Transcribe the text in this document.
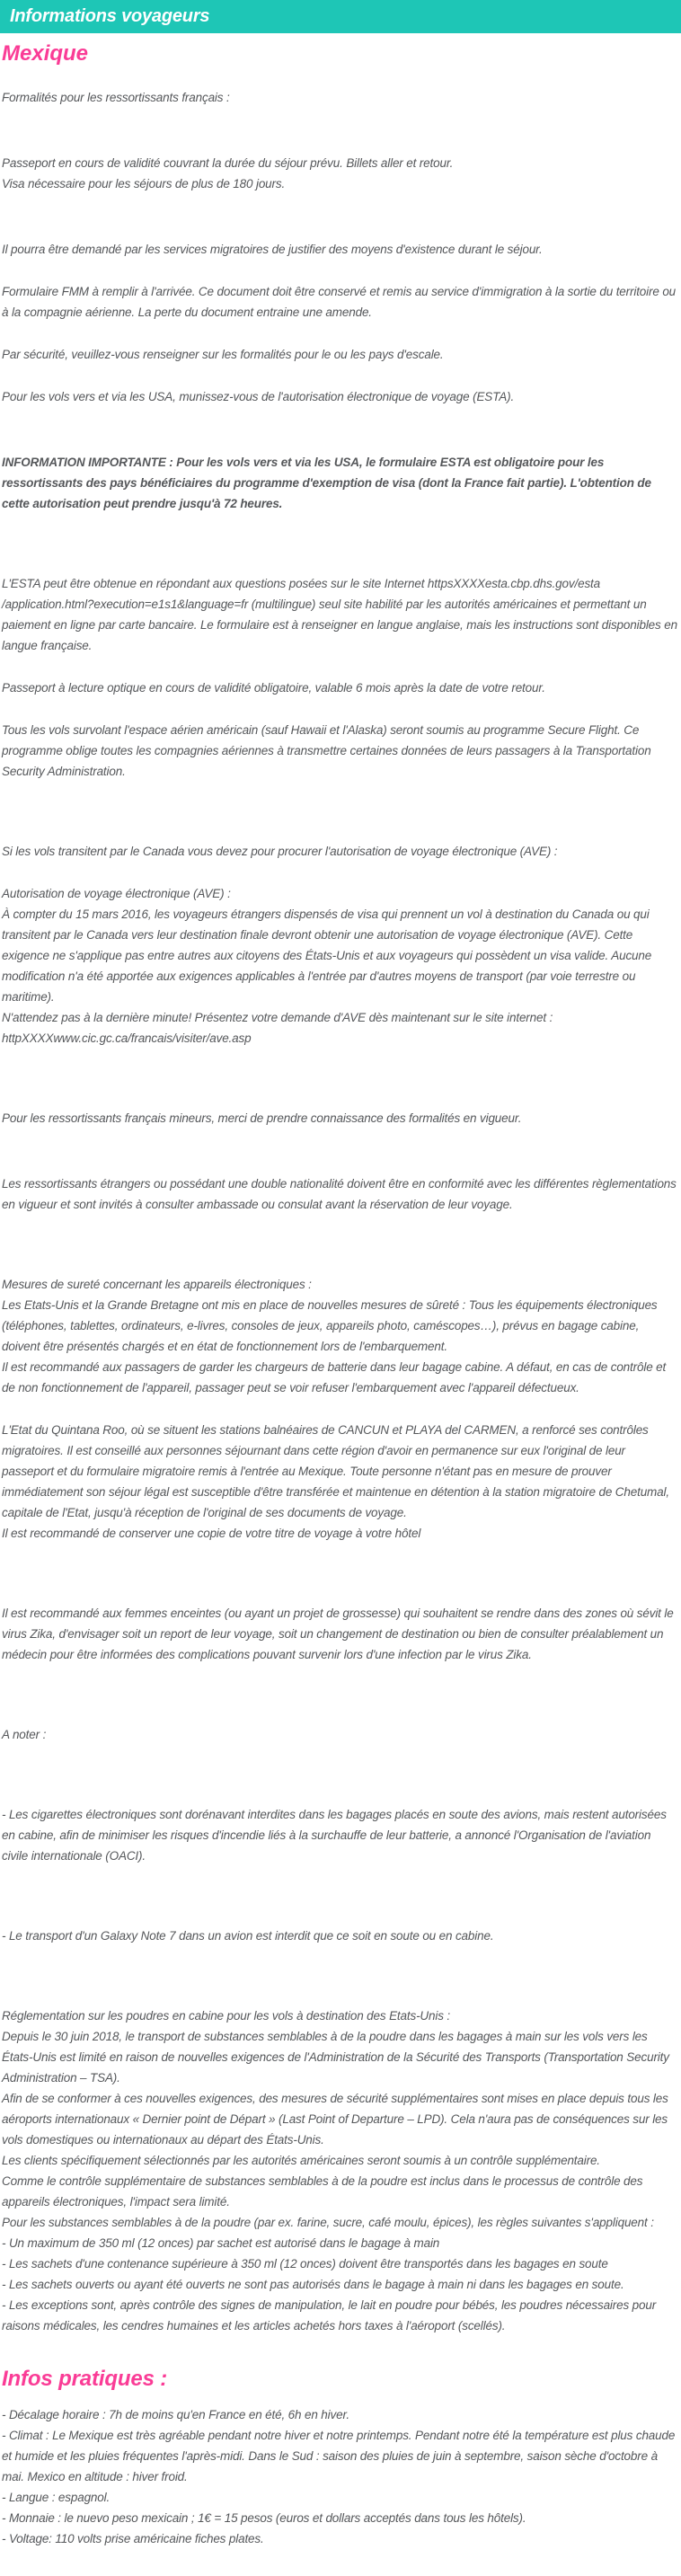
Informations voyageurs
Mexique

Formalités pour les ressortissants français :

Passeport en cours de validité couvrant la durée du séjour prévu. Billets aller et retour.
Visa nécessaire pour les séjours de plus de 180 jours.

Il pourra être demandé par les services migratoires de justifier des moyens d'existence durant le séjour.

Formulaire FMM à remplir à l'arrivée. Ce document doit être conservé et remis au service d'immigration à la sortie du territoire ou à la compagnie aérienne. La perte du document entraine une amende.

Par sécurité, veuillez-vous renseigner sur les formalités pour le ou les pays d'escale.

Pour les vols vers et via les USA, munissez-vous de l'autorisation électronique de voyage (ESTA).

INFORMATION IMPORTANTE : Pour les vols vers et via les USA, le formulaire ESTA est obligatoire pour les ressortissants des pays bénéficiaires du programme d'exemption de visa (dont la France fait partie). L'obtention de cette autorisation peut prendre jusqu'à 72 heures.

L'ESTA peut être obtenue en répondant aux questions posées sur le site Internet httpsXXXXesta.cbp.dhs.gov/esta /application.html?execution=e1s1&language=fr (multilingue) seul site habilité par les autorités américaines et permettant un paiement en ligne par carte bancaire. Le formulaire est à renseigner en langue anglaise, mais les instructions sont disponibles en langue française.

Passeport à lecture optique en cours de validité obligatoire, valable 6 mois après la date de votre retour.

Tous les vols survolant l'espace aérien américain (sauf Hawaii et l'Alaska) seront soumis au programme Secure Flight. Ce programme oblige toutes les compagnies aériennes à transmettre certaines données de leurs passagers à la Transportation Security Administration.

Si les vols transitent par le Canada vous devez pour procurer l'autorisation de voyage électronique (AVE) :

Autorisation de voyage électronique (AVE) :
À compter du 15 mars 2016, les voyageurs étrangers dispensés de visa qui prennent un vol à destination du Canada ou qui transitent par le Canada vers leur destination finale devront obtenir une autorisation de voyage électronique (AVE). Cette exigence ne s'applique pas entre autres aux citoyens des États-Unis et aux voyageurs qui possèdent un visa valide. Aucune modification n'a été apportée aux exigences applicables à l'entrée par d'autres moyens de transport (par voie terrestre ou maritime).
N'attendez pas à la dernière minute! Présentez votre demande d'AVE dès maintenant sur le site internet :
httpXXXXwww.cic.gc.ca/francais/visiter/ave.asp

Pour les ressortissants français mineurs, merci de prendre connaissance des formalités en vigueur.

Les ressortissants étrangers ou possédant une double nationalité doivent être en conformité avec les différentes règlementations en vigueur et sont invités à consulter ambassade ou consulat avant la réservation de leur voyage.

Mesures de sureté concernant les appareils électroniques :
Les Etats-Unis et la Grande Bretagne ont mis en place de nouvelles mesures de sûreté : Tous les équipements électroniques (téléphones, tablettes, ordinateurs, e-livres, consoles de jeux, appareils photo, caméscopes…), prévus en bagage cabine, doivent être présentés chargés et en état de fonctionnement lors de l'embarquement.
Il est recommandé aux passagers de garder les chargeurs de batterie dans leur bagage cabine. A défaut, en cas de contrôle et de non fonctionnement de l'appareil, passager peut se voir refuser l'embarquement avec l'appareil défectueux.

L'Etat du Quintana Roo, où se situent les stations balnéaires de CANCUN et PLAYA del CARMEN, a renforcé ses contrôles migratoires. Il est conseillé aux personnes séjournant dans cette région d'avoir en permanence sur eux l'original de leur passeport et du formulaire migratoire remis à l'entrée au Mexique. Toute personne n'étant pas en mesure de prouver immédiatement son séjour légal est susceptible d'être transférée et maintenue en détention à la station migratoire de Chetumal, capitale de l'Etat, jusqu'à réception de l'original de ses documents de voyage.
Il est recommandé de conserver une copie de votre titre de voyage à votre hôtel

Il est recommandé aux femmes enceintes (ou ayant un projet de grossesse) qui souhaitent se rendre dans des zones où sévit le virus Zika, d'envisager soit un report de leur voyage, soit un changement de destination ou bien de consulter préalablement un médecin pour être informées des complications pouvant survenir lors d'une infection par le virus Zika.

A noter :

- Les cigarettes électroniques sont dorénavant interdites dans les bagages placés en soute des avions, mais restent autorisées en cabine, afin de minimiser les risques d'incendie liés à la surchauffe de leur batterie, a annoncé l'Organisation de l'aviation civile internationale (OACI).

- Le transport d'un Galaxy Note 7 dans un avion est interdit que ce soit en soute ou en cabine.

Réglementation sur les poudres en cabine pour les vols à destination des Etats-Unis :
Depuis le 30 juin 2018, le transport de substances semblables à de la poudre dans les bagages à main sur les vols vers les États-Unis est limité en raison de nouvelles exigences de l'Administration de la Sécurité des Transports (Transportation Security Administration – TSA).
Afin de se conformer à ces nouvelles exigences, des mesures de sécurité supplémentaires sont mises en place depuis tous les aéroports internationaux « Dernier point de Départ » (Last Point of Departure – LPD). Cela n'aura pas de conséquences sur les vols domestiques ou internationaux au départ des États-Unis.
Les clients spécifiquement sélectionnés par les autorités américaines seront soumis à un contrôle supplémentaire.
Comme le contrôle supplémentaire de substances semblables à de la poudre est inclus dans le processus de contrôle des appareils électroniques, l'impact sera limité.
Pour les substances semblables à de la poudre (par ex. farine, sucre, café moulu, épices), les règles suivantes s'appliquent :
- Un maximum de 350 ml (12 onces) par sachet est autorisé dans le bagage à main
- Les sachets d'une contenance supérieure à 350 ml (12 onces) doivent être transportés dans les bagages en soute
- Les sachets ouverts ou ayant été ouverts ne sont pas autorisés dans le bagage à main ni dans les bagages en soute.
- Les exceptions sont, après contrôle des signes de manipulation, le lait en poudre pour bébés, les poudres nécessaires pour raisons médicales, les cendres humaines et les articles achetés hors taxes à l'aéroport (scellés).

Infos pratiques :

- Décalage horaire : 7h de moins qu'en France en été, 6h en hiver.
- Climat : Le Mexique est très agréable pendant notre hiver et notre printemps. Pendant notre été la température est plus chaude et humide et les pluies fréquentes l'après-midi. Dans le Sud : saison des pluies de juin à septembre, saison sèche d'octobre à mai. Mexico en altitude : hiver froid.
- Langue : espagnol.
- Monnaie : le nuevo peso mexicain ; 1€ = 15 pesos (euros et dollars acceptés dans tous les hôtels).
- Voltage: 110 volts prise américaine fiches plates.
